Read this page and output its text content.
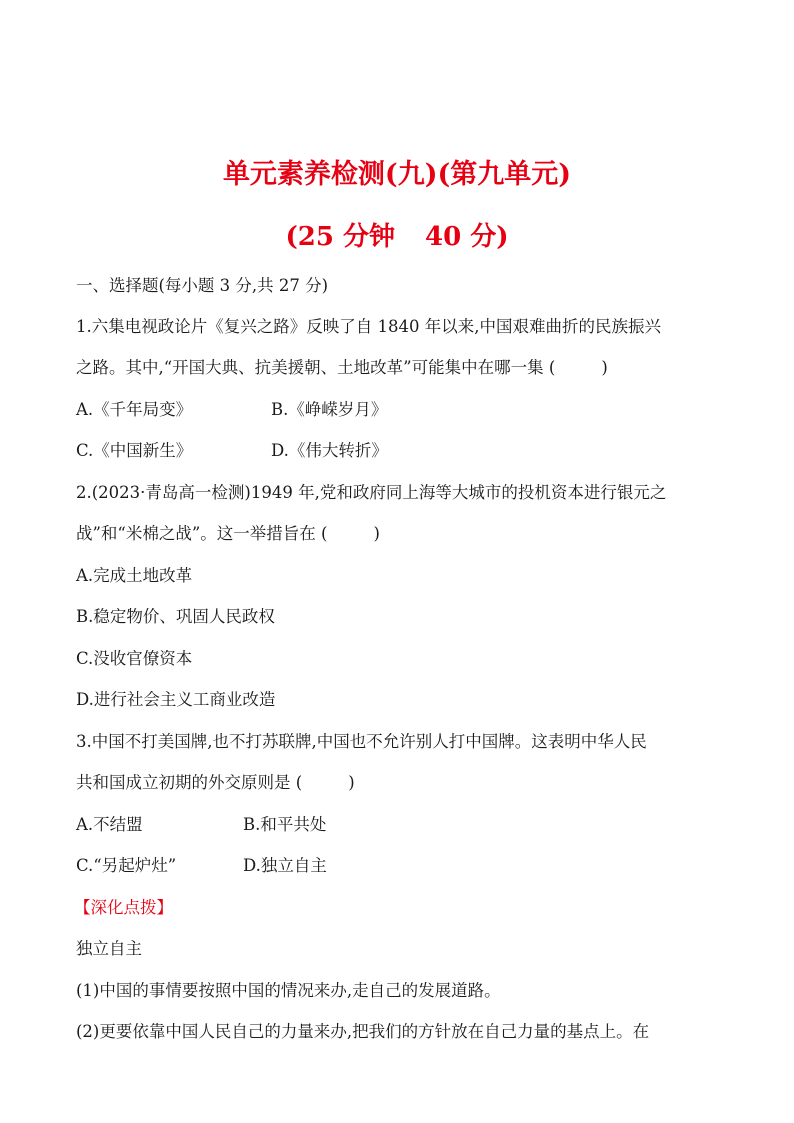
单元素养检测(九)(第九单元)
(25 分钟 40 分)
一、选择题(每小题 3 分,共 27 分)
1.六集电视政论片《复兴之路》反映了自 1840 年以来,中国艰难曲折的民族振兴
之路。其中,“开国大典、抗美援朝、土地改革”可能集中在哪一集 (	)
A.《千年局变》	B.《峥嵘岁月》
C.《中国新生》	D.《伟大转折》
2.(2023·青岛高一检测)1949 年,党和政府同上海等大城市的投机资本进行银元之
战”和“米棉之战”。这一举措旨在 (	)
A.完成土地改革
B.稳定物价、巩固人民政权
C.没收官僚资本
D.进行社会主义工商业改造
3.中国不打美国牌,也不打苏联牌,中国也不允许别人打中国牌。这表明中华人民
共和国成立初期的外交原则是 (	)
A.不结盟	B.和平共处
C.“另起炉灶”	D.独立自主
【深化点拨】
独立自主
(1)中国的事情要按照中国的情况来办,走自己的发展道路。
(2)更要依靠中国人民自己的力量来办,把我们的方针放在自己力量的基点上。在
